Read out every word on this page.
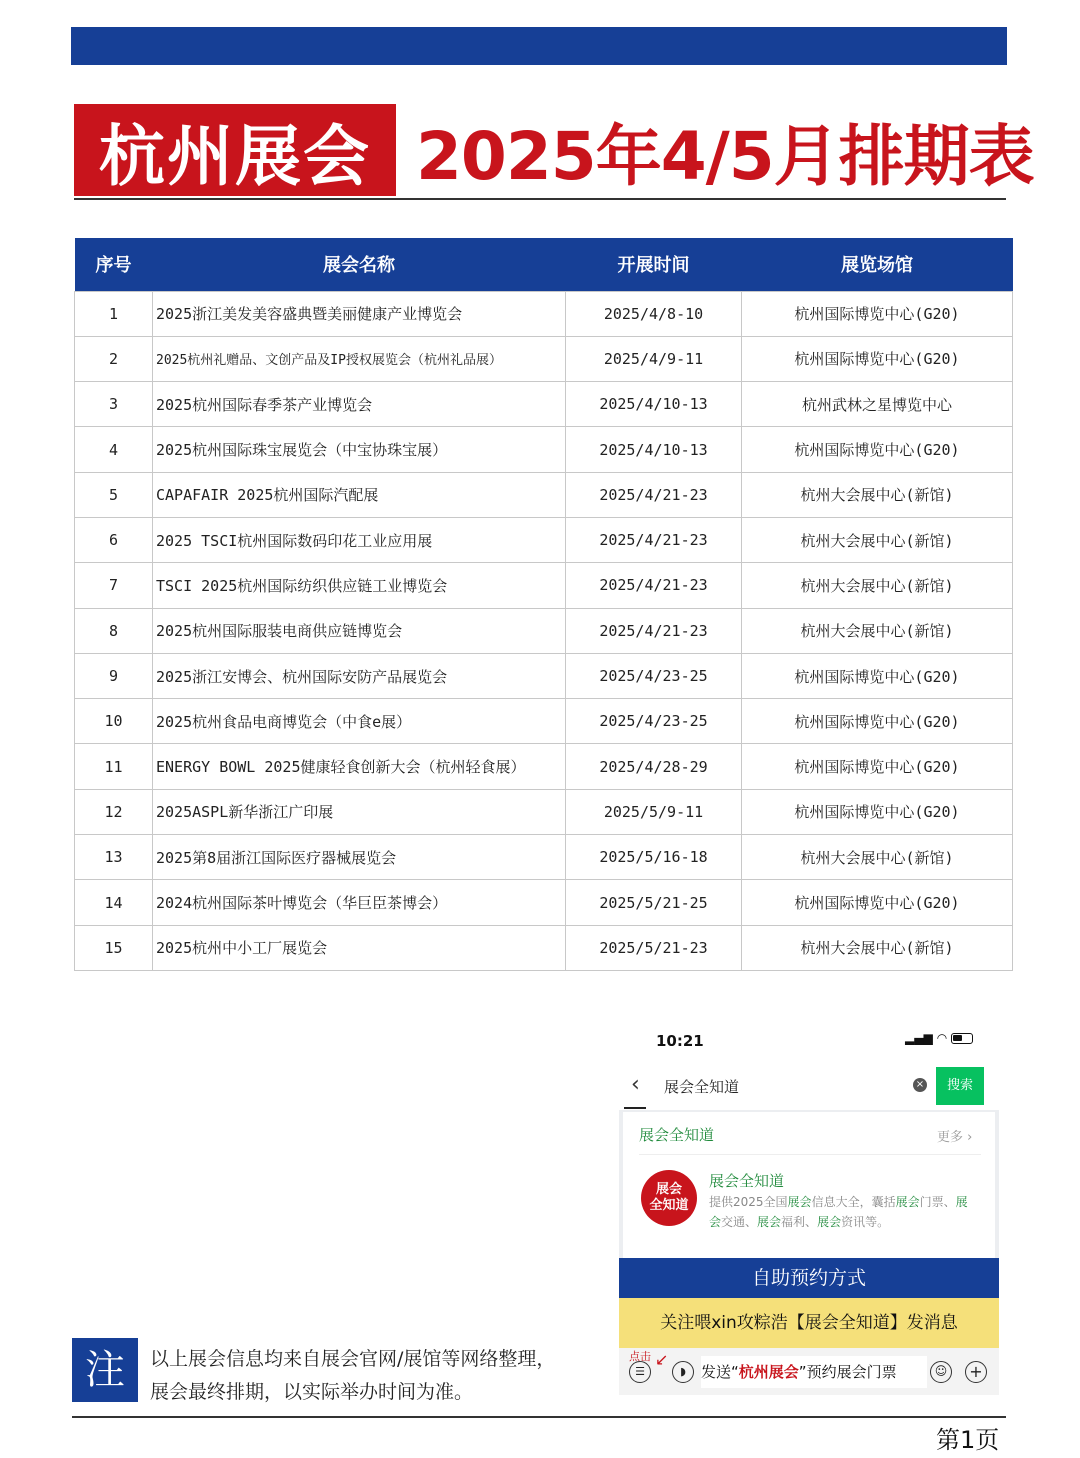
杭州展会 2025年4/5月排期表
序号	展会名称	开展时间	展览场馆
1	2025浙江美发美容盛典暨美丽健康产业博览会	2025/4/8-10	杭州国际博览中心(G20)
2	2025杭州礼赠品、文创产品及IP授权展览会（杭州礼品展）	2025/4/9-11	杭州国际博览中心(G20)
3	2025杭州国际春季茶产业博览会	2025/4/10-13	杭州武林之星博览中心
4	2025杭州国际珠宝展览会（中宝协珠宝展）	2025/4/10-13	杭州国际博览中心(G20)
5	CAPAFAIR 2025杭州国际汽配展	2025/4/21-23	杭州大会展中心(新馆)
6	2025 TSCI杭州国际数码印花工业应用展	2025/4/21-23	杭州大会展中心(新馆)
7	TSCI 2025杭州国际纺织供应链工业博览会	2025/4/21-23	杭州大会展中心(新馆)
8	2025杭州国际服装电商供应链博览会	2025/4/21-23	杭州大会展中心(新馆)
9	2025浙江安博会、杭州国际安防产品展览会	2025/4/23-25	杭州国际博览中心(G20)
10	2025杭州食品电商博览会（中食e展）	2025/4/23-25	杭州国际博览中心(G20)
11	ENERGY BOWL 2025健康轻食创新大会（杭州轻食展）	2025/4/28-29	杭州国际博览中心(G20)
12	2025ASPL新华浙江广印展	2025/5/9-11	杭州国际博览中心(G20)
13	2025第8届浙江国际医疗器械展览会	2025/5/16-18	杭州大会展中心(新馆)
14	2024杭州国际茶叶博览会（华巨臣茶博会）	2025/5/21-25	杭州国际博览中心(G20)
15	2025杭州中小工厂展览会	2025/5/21-23	杭州大会展中心(新馆)
10:21	▂▄▆ ◠
‹ 展会全知道	×	搜索
展会全知道	更多 ›
展会
全知道
展会全知道
提供2025全国展会信息大全，囊括展会门票、展会交通、展会福利、展会资讯等。
自助预约方式
关注喂xin攻粽浩【展会全知道】发消息
点击
☰
↙
◗	发送“杭州展会”预约展会门票	☺ +
注	以上展会信息均来自展会官网/展馆等网络整理，
展会最终排期，以实际举办时间为准。
第1页
